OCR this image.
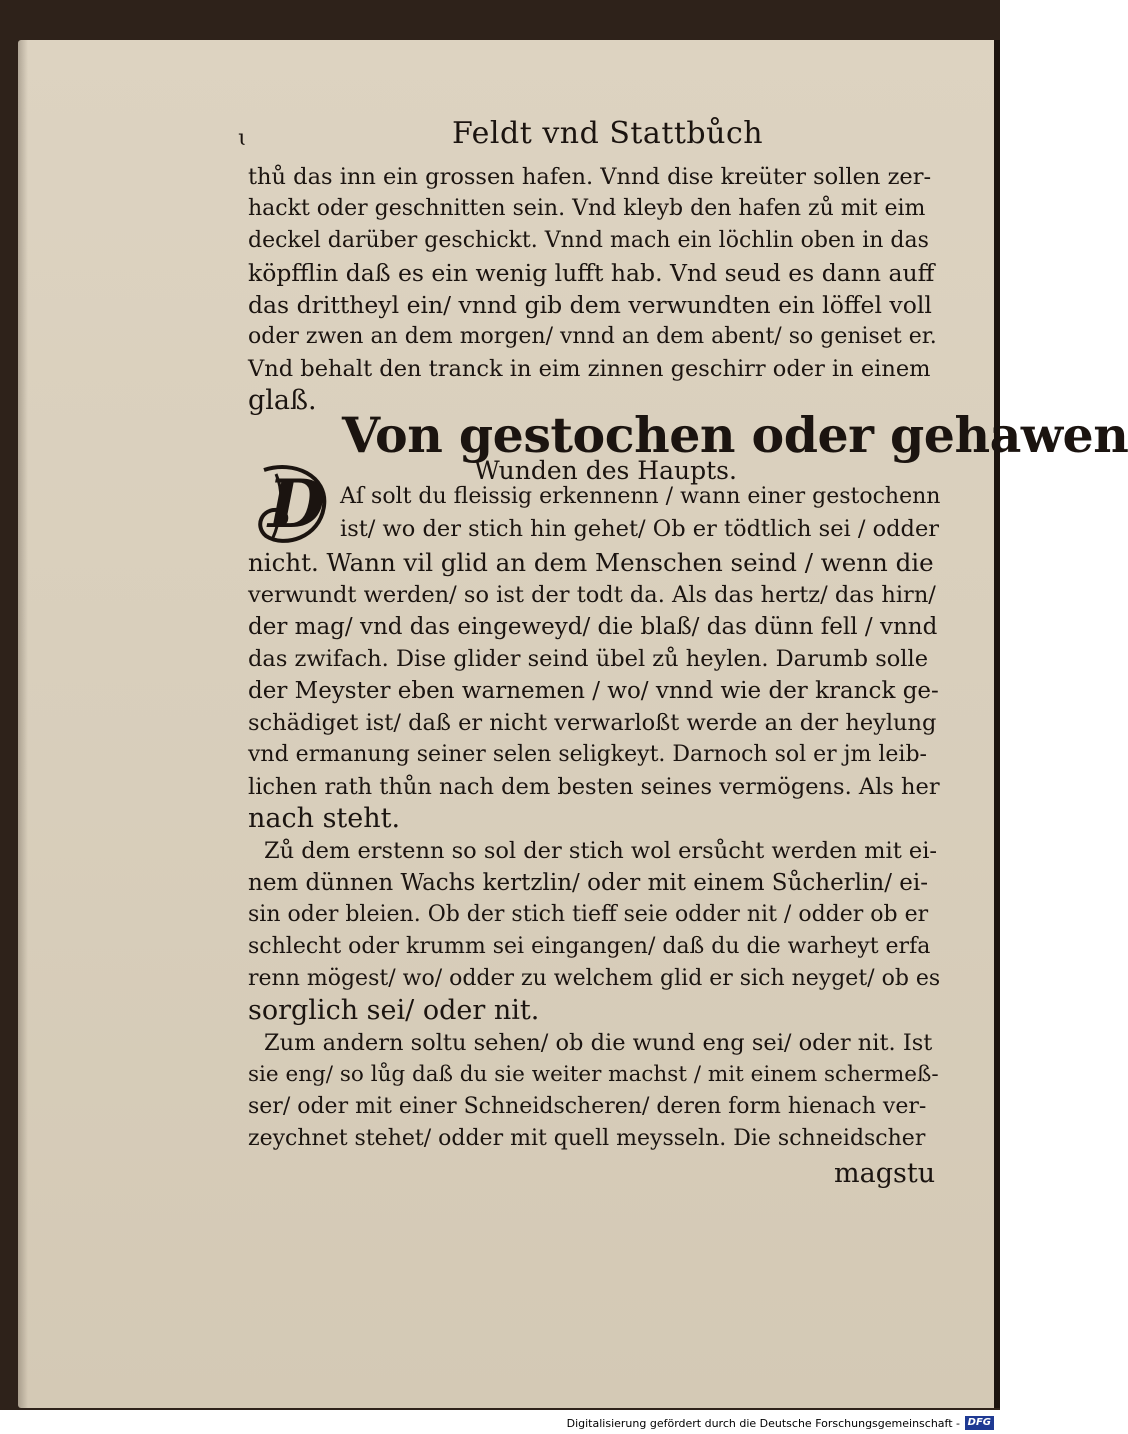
ɩ	Feldt vnd Stattbůch
thů das inn ein grossen hafen. Vnnd dise kreüter sollen zer-
hackt oder geschnitten sein. Vnd kleyb den hafen zů mit eim
deckel darüber geschickt. Vnnd mach ein löchlin oben in das
köpfflin daß es ein wenig lufft hab. Vnd seud es dann auff
das drittheyl ein/ vnnd gib dem verwundten ein löffel voll
oder zwen an dem morgen/ vnnd an dem abent/ so geniset er.
Vnd behalt den tranck in eim zinnen geschirr oder in einem
glaß.
Von gestochen oder gehawen
Wunden des Haupts.
D Aſ solt du fleissig erkennenn / wann einer gestochenn
ist/ wo der stich hin gehet/ Ob er tödtlich sei / odder
nicht. Wann vil glid an dem Menschen seind / wenn die
verwundt werden/ so ist der todt da. Als das hertz/ das hirn/
der mag/ vnd das eingeweyd/ die blaß/ das dünn fell / vnnd
das zwifach. Dise glider seind übel zů heylen. Darumb solle
der Meyster eben warnemen / wo/ vnnd wie der kranck ge-
schädiget ist/ daß er nicht verwarloßt werde an der heylung
vnd ermanung seiner selen seligkeyt. Darnoch sol er jm leib-
lichen rath thůn nach dem besten seines vermögens. Als her
nach steht.
Zů dem erstenn so sol der stich wol ersůcht werden mit ei-
nem dünnen Wachs kertzlin/ oder mit einem Sůcherlin/ ei-
sin oder bleien. Ob der stich tieff seie odder nit / odder ob er
schlecht oder krumm sei eingangen/ daß du die warheyt erfa
renn mögest/ wo/ odder zu welchem glid er sich neyget/ ob es
sorglich sei/ oder nit.
Zum andern soltu sehen/ ob die wund eng sei/ oder nit. Ist
sie eng/ so lůg daß du sie weiter machst / mit einem schermeß-
ser/ oder mit einer Schneidscheren/ deren form hienach ver-
zeychnet stehet/ odder mit quell meysseln. Die schneidscher
magstu
Digitalisierung gefördert durch die Deutsche Forschungsgemeinschaft - DFG
